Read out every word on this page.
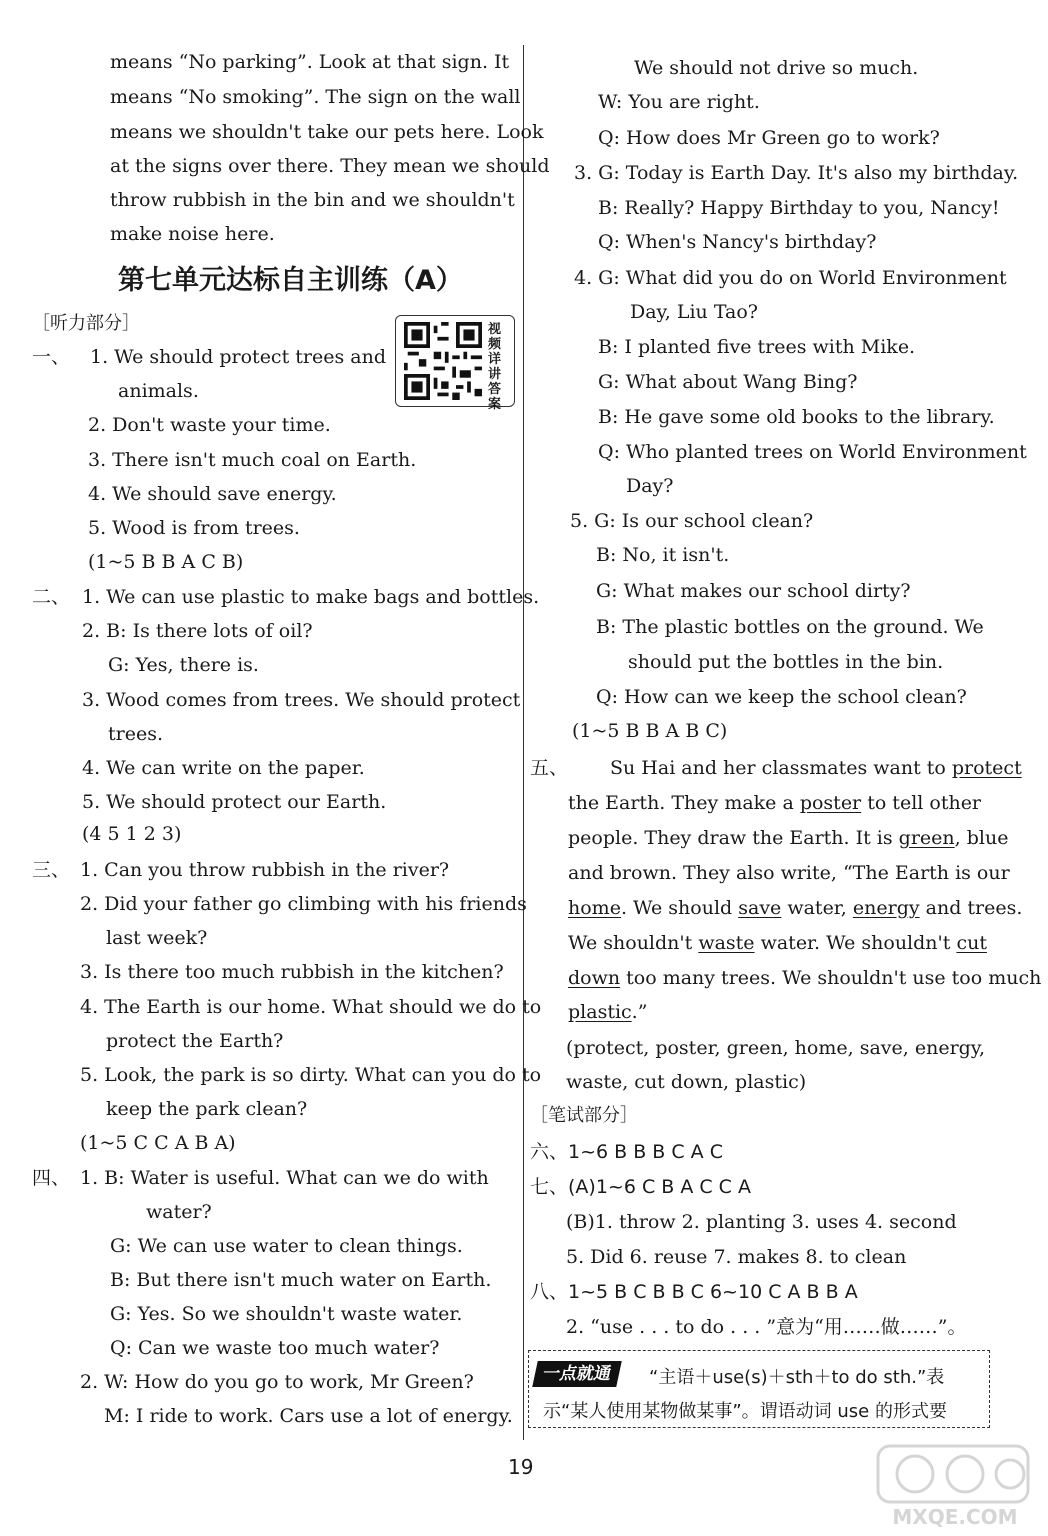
means “No parking”. Look at that sign. It
means “No smoking”. The sign on the wall
means we shouldn't take our pets here. Look
at the signs over there. They mean we should
throw rubbish in the bin and we shouldn't
make noise here.
第七单元达标自主训练（A）
［听力部分］	视频详讲答案
一、 1. We should protect trees and
animals.
2. Don't waste your time.
3. There isn't much coal on Earth.
4. We should save energy.
5. Wood is from trees.
(1~5 B B A C B)
二、 1. We can use plastic to make bags and bottles.
2. B: Is there lots of oil?
G: Yes, there is.
3. Wood comes from trees. We should protect
trees.
4. We can write on the paper.
5. We should protect our Earth.
(4 5 1 2 3)
三、 1. Can you throw rubbish in the river?
2. Did your father go climbing with his friends
last week?
3. Is there too much rubbish in the kitchen?
4. The Earth is our home. What should we do to
protect the Earth?
5. Look, the park is so dirty. What can you do to
keep the park clean?
(1~5 C C A B A)
四、 1. B: Water is useful. What can we do with
water?
G: We can use water to clean things.
B: But there isn't much water on Earth.
G: Yes. So we shouldn't waste water.
Q: Can we waste too much water?
2. W: How do you go to work, Mr Green?
M: I ride to work. Cars use a lot of energy.
We should not drive so much.
W: You are right.
Q: How does Mr Green go to work?
3. G: Today is Earth Day. It's also my birthday.
B: Really? Happy Birthday to you, Nancy!
Q: When's Nancy's birthday?
4. G: What did you do on World Environment
Day, Liu Tao?
B: I planted five trees with Mike.
G: What about Wang Bing?
B: He gave some old books to the library.
Q: Who planted trees on World Environment
Day?
5. G: Is our school clean?
B: No, it isn't.
G: What makes our school dirty?
B: The plastic bottles on the ground. We
should put the bottles in the bin.
Q: How can we keep the school clean?
(1~5 B B A B C)
五、 Su Hai and her classmates want to protect
the Earth. They make a poster to tell other
people. They draw the Earth. It is green, blue
and brown. They also write, “The Earth is our
home. We should save water, energy and trees.
We shouldn't waste water. We shouldn't cut
down too many trees. We shouldn't use too much
plastic.”
(protect, poster, green, home, save, energy,
waste, cut down, plastic)
［笔试部分］
六、1~6 B B B C A C
七、(A)1~6 C B A C C A
(B)1. throw 2. planting 3. uses 4. second
5. Did 6. reuse 7. makes 8. to clean
八、1~5 B C B B C 6~10 C A B B A
2. “use . . . to do . . . ”意为“用……做……”。
一点就通	“主语＋use(s)＋sth＋to do sth.”表
示“某人使用某物做某事”。谓语动词 use 的形式要
19
MXQE.COM
